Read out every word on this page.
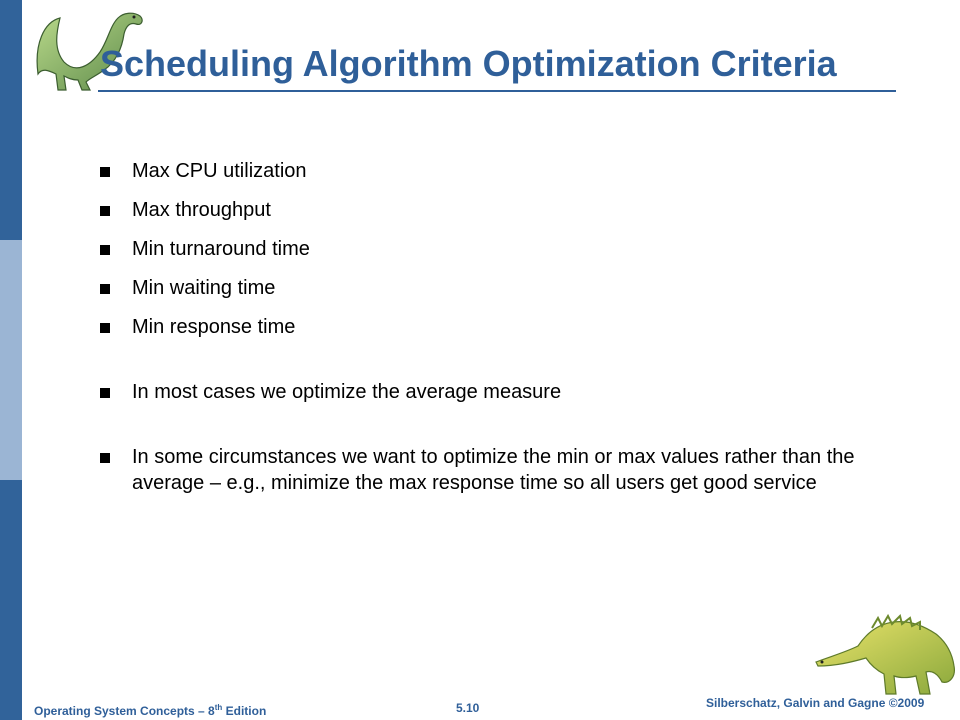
Scheduling Algorithm Optimization Criteria
Max CPU utilization
Max throughput
Min turnaround time
Min waiting time
Min response time
In most cases we optimize the average measure
In some circumstances we want to optimize the min or max values rather than the average – e.g., minimize the max response time so all users get good service
Operating System Concepts – 8th Edition	5.10	Silberschatz, Galvin and Gagne ©2009
